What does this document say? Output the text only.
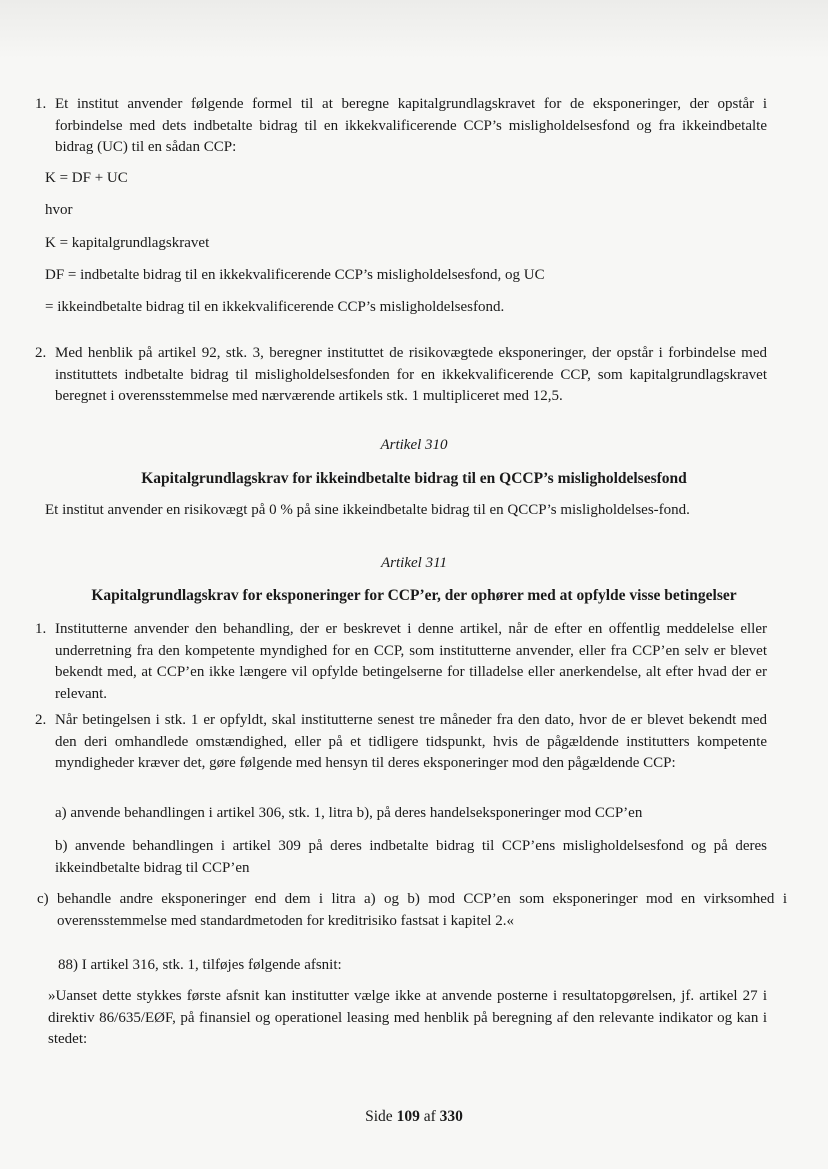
1. Et institut anvender følgende formel til at beregne kapitalgrundlagskravet for de eksponeringer, der opstår i forbindelse med dets indbetalte bidrag til en ikkekvalificerende CCP’s misligholdelsesfond og fra ikkeindbetalte bidrag (UC) til en sådan CCP:

K = DF + UC

hvor

K = kapitalgrundlagskravet

DF = indbetalte bidrag til en ikkekvalificerende CCP’s misligholdelsesfond, og UC

= ikkeindbetalte bidrag til en ikkekvalificerende CCP’s misligholdelsesfond.

2. Med henblik på artikel 92, stk. 3, beregner instituttet de risikovægtede eksponeringer, der opstår i forbindelse med instituttets indbetalte bidrag til misligholdelsesfonden for en ikkekvalificerende CCP, som kapitalgrundlagskravet beregnet i overensstemmelse med nærværende artikels stk. 1 multipliceret med 12,5.

Artikel 310

Kapitalgrundlagskrav for ikkeindbetalte bidrag til en QCCP’s misligholdelsesfond

Et institut anvender en risikovægt på 0 % på sine ikkeindbetalte bidrag til en QCCP’s misligholdelses-fond.

Artikel 311

Kapitalgrundlagskrav for eksponeringer for CCP’er, der ophører med at opfylde visse betingelser

1. Institutterne anvender den behandling, der er beskrevet i denne artikel, når de efter en offentlig meddelelse eller underretning fra den kompetente myndighed for en CCP, som institutterne anvender, eller fra CCP’en selv er blevet bekendt med, at CCP’en ikke længere vil opfylde betingelserne for tilladelse eller anerkendelse, alt efter hvad der er relevant.

2. Når betingelsen i stk. 1 er opfyldt, skal institutterne senest tre måneder fra den dato, hvor de er blevet bekendt med den deri omhandlede omstændighed, eller på et tidligere tidspunkt, hvis de pågældende institutters kompetente myndigheder kræver det, gøre følgende med hensyn til deres eksponeringer mod den pågældende CCP:

a) anvende behandlingen i artikel 306, stk. 1, litra b), på deres handelseksponeringer mod CCP’en

b) anvende behandlingen i artikel 309 på deres indbetalte bidrag til CCP’ens misligholdelsesfond og på deres ikkeindbetalte bidrag til CCP’en

c) behandle andre eksponeringer end dem i litra a) og b) mod CCP’en som eksponeringer mod en virksomhed i overensstemmelse med standardmetoden for kreditrisiko fastsat i kapitel 2.«

88) I artikel 316, stk. 1, tilføjes følgende afsnit:

»Uanset dette stykkes første afsnit kan institutter vælge ikke at anvende posterne i resultatopgørelsen, jf. artikel 27 i direktiv 86/635/EØF, på finansiel og operationel leasing med henblik på beregning af den relevante indikator og kan i stedet:

Side 109 af 330
